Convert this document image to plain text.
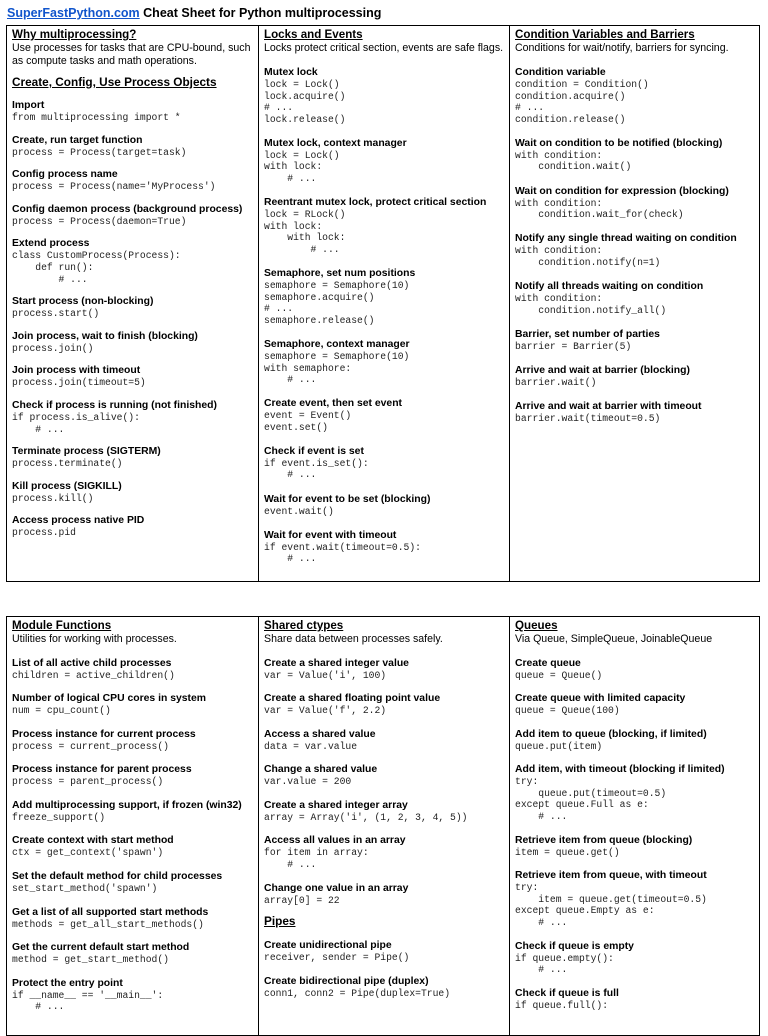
SuperFastPython.com Cheat Sheet for Python multiprocessing
Why multiprocessing?
Use processes for tasks that are CPU-bound, such as compute tasks and math operations.
Create, Config, Use Process Objects
Import
from multiprocessing import *
Create, run target function
process = Process(target=task)
Config process name
process = Process(name='MyProcess')
Config daemon process (background process)
process = Process(daemon=True)
Extend process
class CustomProcess(Process):
def run():
# ...
Start process (non-blocking)
process.start()
Join process, wait to finish (blocking)
process.join()
Join process with timeout
process.join(timeout=5)
Check if process is running (not finished)
if process.is_alive():
# ...
Terminate process (SIGTERM)
process.terminate()
Kill process (SIGKILL)
process.kill()
Access process native PID
process.pid
Locks and Events
Locks protect critical section, events are safe flags.
Mutex lock
lock = Lock()
lock.acquire()
# ...
lock.release()
Mutex lock, context manager
lock = Lock()
with lock:
# ...
Reentrant mutex lock, protect critical section
lock = RLock()
with lock:
with lock:
# ...
Semaphore, set num positions
semaphore = Semaphore(10)
semaphore.acquire()
# ...
semaphore.release()
Semaphore, context manager
semaphore = Semaphore(10)
with semaphore:
# ...
Create event, then set event
event = Event()
event.set()
Check if event is set
if event.is_set():
# ...
Wait for event to be set (blocking)
event.wait()
Wait for event with timeout
if event.wait(timeout=0.5):
# ...
Condition Variables and Barriers
Conditions for wait/notify, barriers for syncing.
Condition variable
condition = Condition()
condition.acquire()
# ...
condition.release()
Wait on condition to be notified (blocking)
with condition:
condition.wait()
Wait on condition for expression (blocking)
with condition:
condition.wait_for(check)
Notify any single thread waiting on condition
with condition:
condition.notify(n=1)
Notify all threads waiting on condition
with condition:
condition.notify_all()
Barrier, set number of parties
barrier = Barrier(5)
Arrive and wait at barrier (blocking)
barrier.wait()
Arrive and wait at barrier with timeout
barrier.wait(timeout=0.5)
Module Functions
Utilities for working with processes.
List of all active child processes
children = active_children()
Number of logical CPU cores in system
num = cpu_count()
Process instance for current process
process = current_process()
Process instance for parent process
process = parent_process()
Add multiprocessing support, if frozen (win32)
freeze_support()
Create context with start method
ctx = get_context('spawn')
Set the default method for child processes
set_start_method('spawn')
Get a list of all supported start methods
methods = get_all_start_methods()
Get the current default start method
method = get_start_method()
Protect the entry point
if __name__ == '__main__':
# ...
Shared ctypes
Share data between processes safely.
Create a shared integer value
var = Value('i', 100)
Create a shared floating point value
var = Value('f', 2.2)
Access a shared value
data = var.value
Change a shared value
var.value = 200
Create a shared integer array
array = Array('i', (1, 2, 3, 4, 5))
Access all values in an array
for item in array:
# ...
Change one value in an array
array[0] = 22
Pipes
Create unidirectional pipe
receiver, sender = Pipe()
Create bidirectional pipe (duplex)
conn1, conn2 = Pipe(duplex=True)
Queues
Via Queue, SimpleQueue, JoinableQueue
Create queue
queue = Queue()
Create queue with limited capacity
queue = Queue(100)
Add item to queue (blocking, if limited)
queue.put(item)
Add item, with timeout (blocking if limited)
try:
queue.put(timeout=0.5)
except queue.Full as e:
# ...
Retrieve item from queue (blocking)
item = queue.get()
Retrieve item from queue, with timeout
try:
item = queue.get(timeout=0.5)
except queue.Empty as e:
# ...
Check if queue is empty
if queue.empty():
# ...
Check if queue is full
if queue.full():
